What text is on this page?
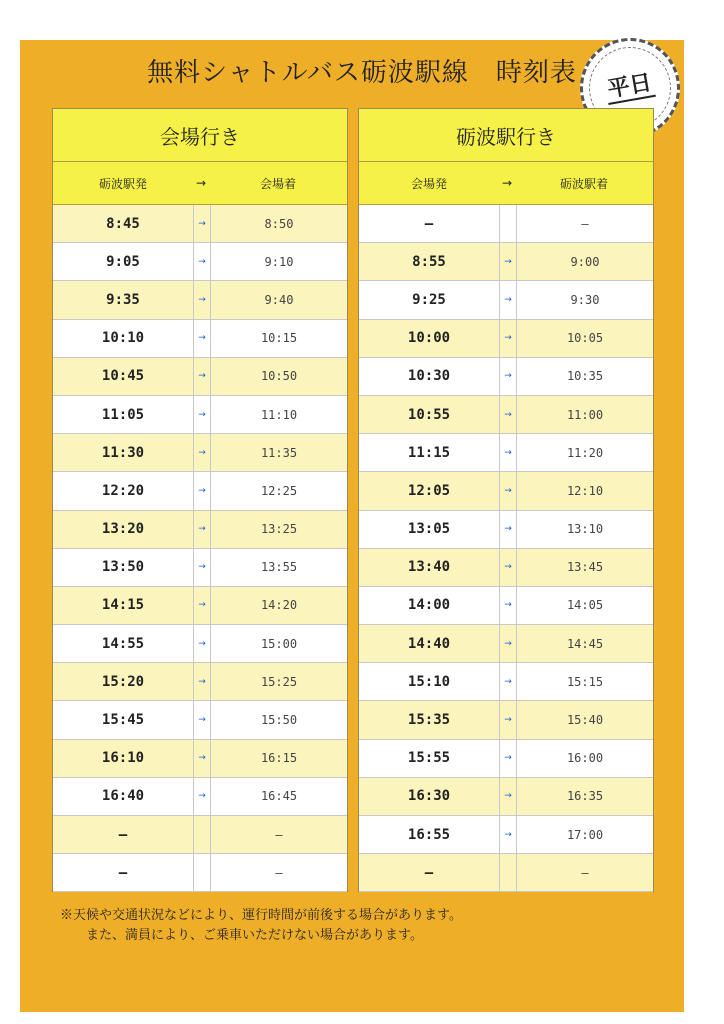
無料シャトルバス砺波駅線　時刻表	平日
会場行き
砺波駅発	→	会場着
8:45	→	8:50
9:05	→	9:10
9:35	→	9:40
10:10	→	10:15
10:45	→	10:50
11:05	→	11:10
11:30	→	11:35
12:20	→	12:25
13:20	→	13:25
13:50	→	13:55
14:15	→	14:20
14:55	→	15:00
15:20	→	15:25
15:45	→	15:50
16:10	→	16:15
16:40	→	16:45
—	—
—	—
砺波駅行き
会場発	→	砺波駅着
—	—
8:55	→	9:00
9:25	→	9:30
10:00	→	10:05
10:30	→	10:35
10:55	→	11:00
11:15	→	11:20
12:05	→	12:10
13:05	→	13:10
13:40	→	13:45
14:00	→	14:05
14:40	→	14:45
15:10	→	15:15
15:35	→	15:40
15:55	→	16:00
16:30	→	16:35
16:55	→	17:00
—	—
※天候や交通状況などにより、運行時間が前後する場合があります。
また、満員により、ご乗車いただけない場合があります。
